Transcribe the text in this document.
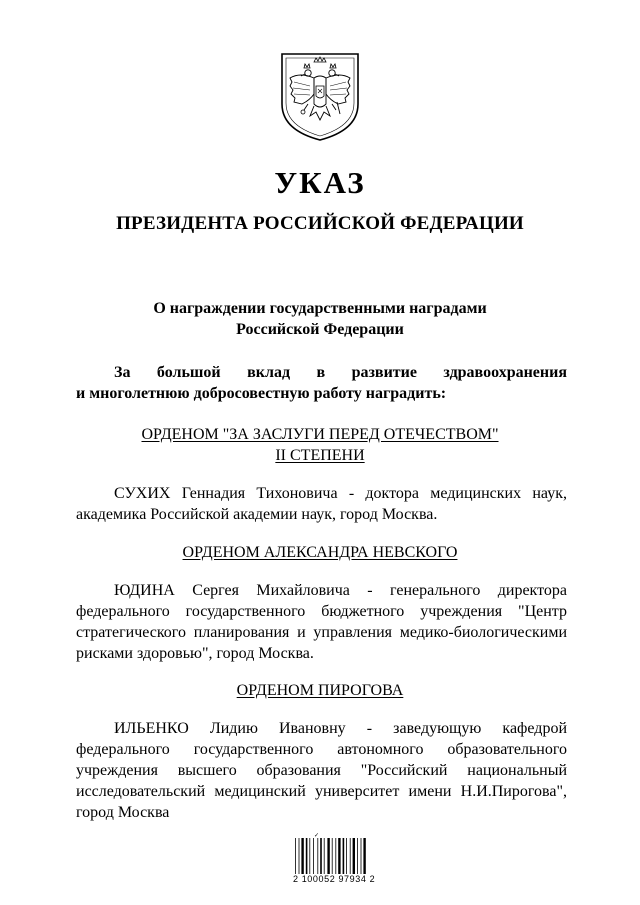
УКАЗ
ПРЕЗИДЕНТА РОССИЙСКОЙ ФЕДЕРАЦИИ
О награждении государственными наградами
Российской Федерации
За большой вклад в развитие здравоохранения
и многолетнюю добросовестную работу наградить:
ОРДЕНОМ "ЗА ЗАСЛУГИ ПЕРЕД ОТЕЧЕСТВОМ"
II СТЕПЕНИ
СУХИХ Геннадия Тихоновича - доктора медицинских наук,
академика Российской академии наук, город Москва.
ОРДЕНОМ АЛЕКСАНДРА НЕВСКОГО
ЮДИНА Сергея Михайловича - генерального директора
федерального государственного бюджетного учреждения "Центр
стратегического планирования и управления медико-биологическими
рисками здоровью", город Москва.
ОРДЕНОМ ПИРОГОВА
ИЛЬЕНКО Лидию Ивановну - заведующую кафедрой
федерального государственного автономного образовательного
учреждения высшего образования "Российский национальный
исследовательский медицинский университет имени Н.И.Пирогова",
город Москва
✓
2 100052 97934 2
